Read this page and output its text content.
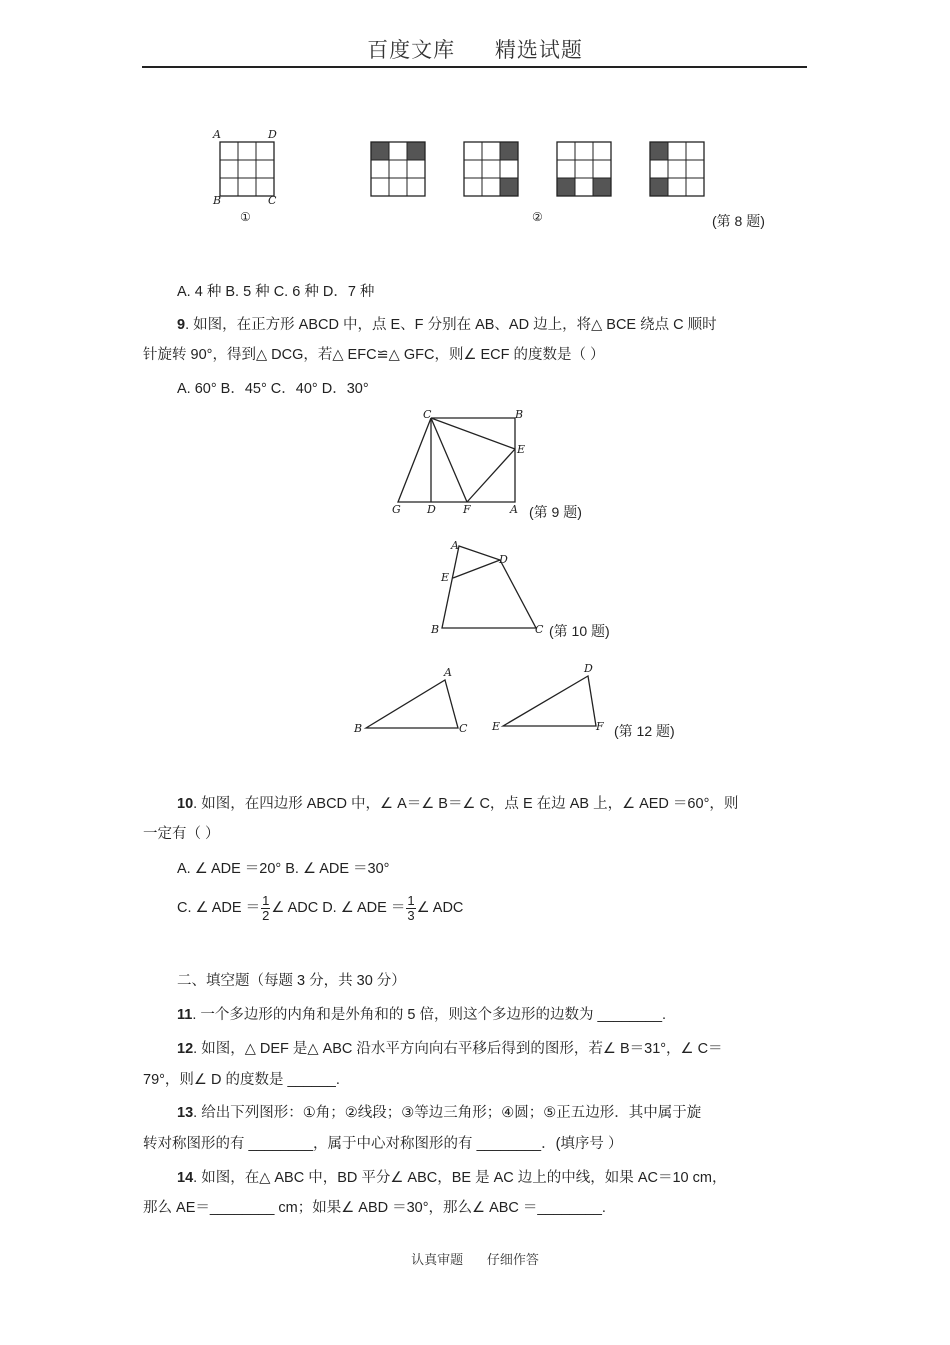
百度文库 精选试题
A	D
B	C
①	②	(第 8 题)
A. 4 种 B. 5 种 C. 6 种 D．7 种
9. 如图，在正方形 ABCD 中，点 E、F 分别在 AB、AD 边上，将△ BCE 绕点 C 顺时
针旋转 90°，得到△ DCG，若△ EFC≌△ GFC，则∠ ECF 的度数是（ ）
A. 60° B．45° C．40° D．30°
C	B
E
G D F	A (第 9 题)
A
D
E
B	C (第 10 题)
A
B	C
D
E	F (第 12 题)
10. 如图，在四边形 ABCD 中，∠ A＝∠ B＝∠ C，点 E 在边 AB 上，∠ AED ＝60°，则
一定有（ ）
A. ∠ ADE ＝20° B. ∠ ADE ＝30°
C. ∠ ADE ＝ $\frac{1}{2}$ ∠ ADC D. ∠ ADE ＝ $\frac{1}{3}$ ∠ ADC
二、填空题（每题 3 分，共 30 分）
11. 一个多边形的内角和是外角和的 5 倍，则这个多边形的边数为 ________.
12. 如图，△ DEF 是△ ABC 沿水平方向向右平移后得到的图形，若∠ B＝31°，∠ C＝
79°，则∠ D 的度数是 ______.
13. 给出下列图形：①角；②线段；③等边三角形；④圆；⑤正五边形．其中属于旋
转对称图形的有 ________，属于中心对称图形的有 ________．(填序号 ）
14. 如图，在△ ABC 中，BD 平分∠ ABC，BE 是 AC 边上的中线，如果 AC＝10 cm，
那么 AE＝________ cm；如果∠ ABD ＝30°，那么∠ ABC ＝________.
认真审题 仔细作答
